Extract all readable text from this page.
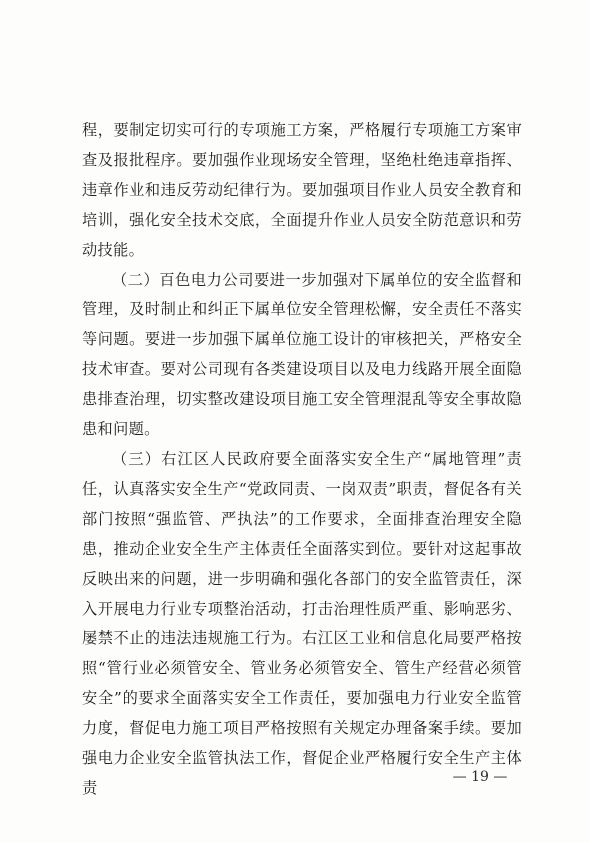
程，要制定切实可行的专项施工方案，严格履行专项施工方案审查及报批程序。要加强作业现场安全管理，坚绝杜绝违章指挥、违章作业和违反劳动纪律行为。要加强项目作业人员安全教育和培训，强化安全技术交底，全面提升作业人员安全防范意识和劳动技能。

（二）百色电力公司要进一步加强对下属单位的安全监督和管理，及时制止和纠正下属单位安全管理松懈，安全责任不落实等问题。要进一步加强下属单位施工设计的审核把关，严格安全技术审查。要对公司现有各类建设项目以及电力线路开展全面隐患排查治理，切实整改建设项目施工安全管理混乱等安全事故隐患和问题。

（三）右江区人民政府要全面落实安全生产“属地管理”责任，认真落实安全生产“党政同责、一岗双责”职责，督促各有关部门按照“强监管、严执法”的工作要求，全面排查治理安全隐患，推动企业安全生产主体责任全面落实到位。要针对这起事故反映出来的问题，进一步明确和强化各部门的安全监管责任，深入开展电力行业专项整治活动，打击治理性质严重、影响恶劣、屡禁不止的违法违规施工行为。右江区工业和信息化局要严格按照“管行业必须管安全、管业务必须管安全、管生产经营必须管安全”的要求全面落实安全工作责任，要加强电力行业安全监管力度，督促电力施工项目严格按照有关规定办理备案手续。要加强电力企业安全监管执法工作，督促企业严格履行安全生产主体责

— 19 —
